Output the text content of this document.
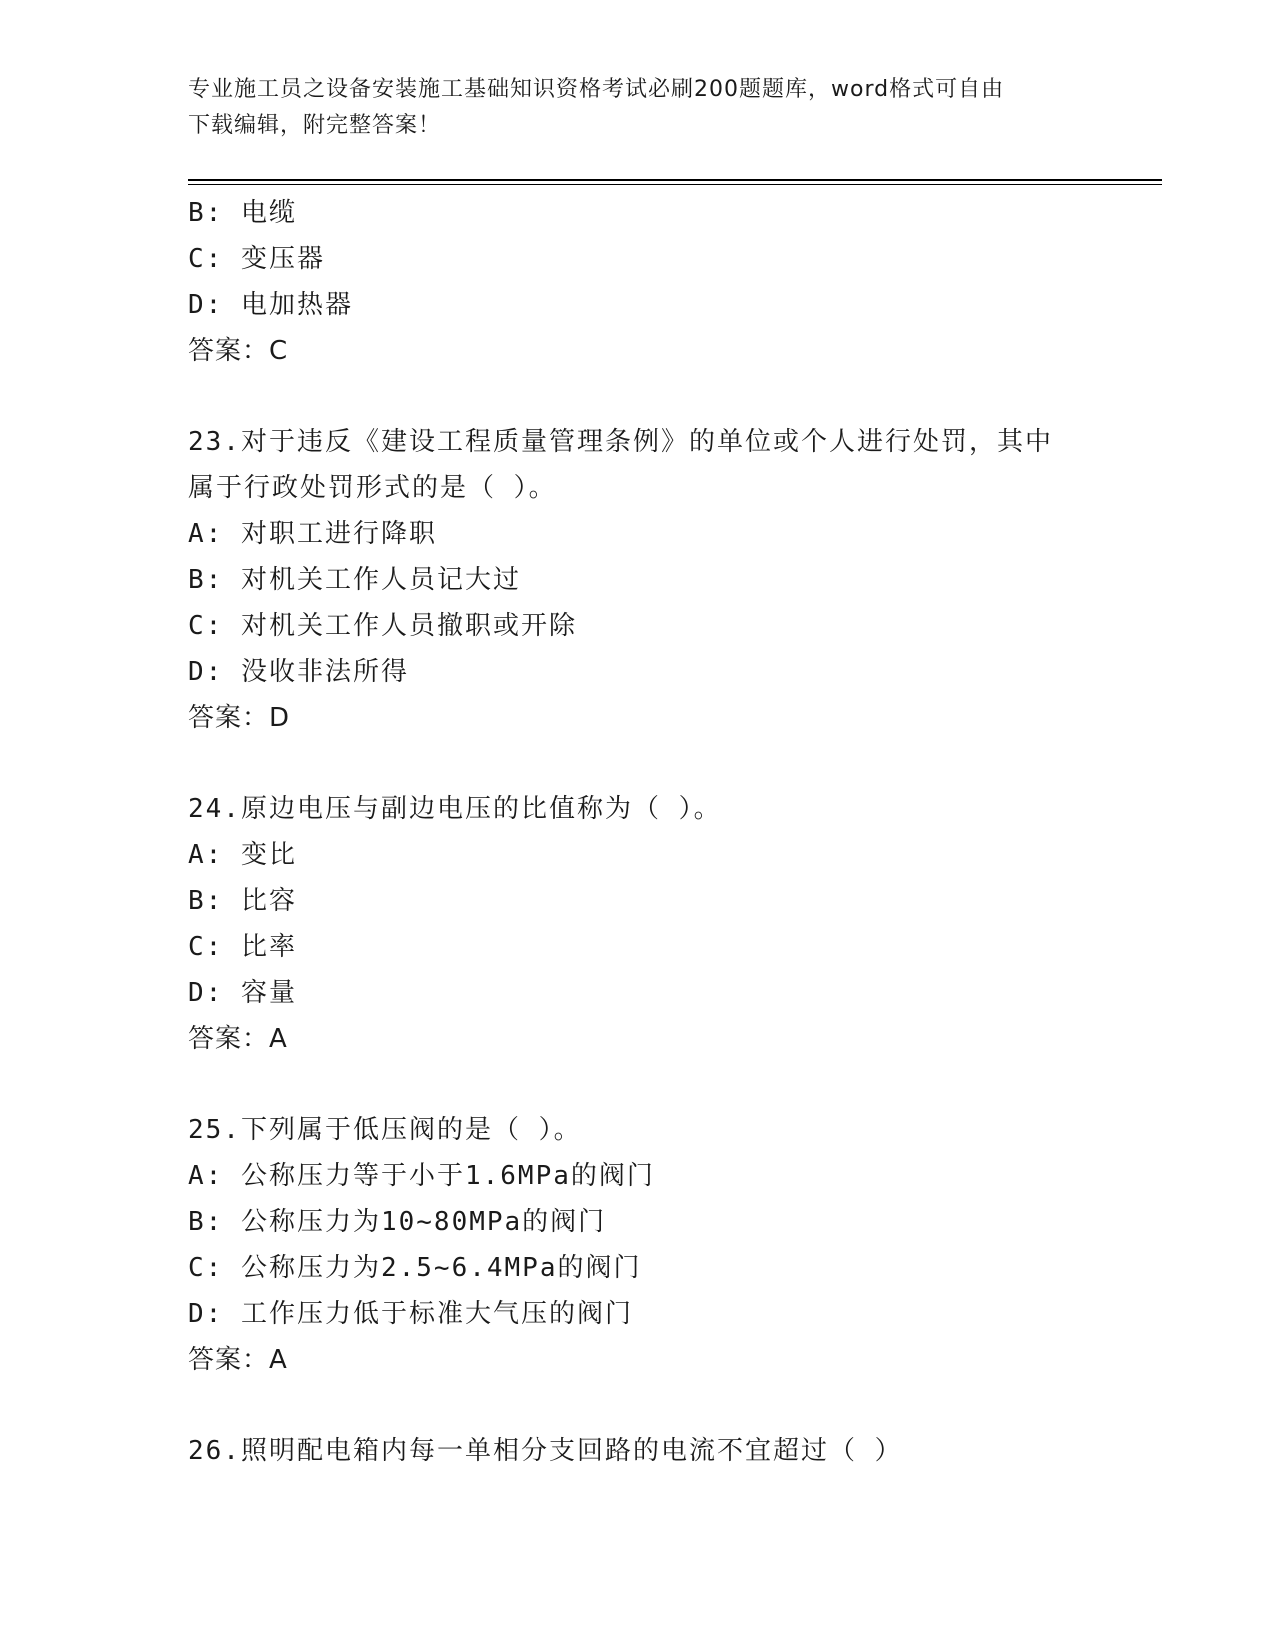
专业施工员之设备安装施工基础知识资格考试必刷200题题库，word格式可自由
下载编辑，附完整答案！
B: 电缆
C: 变压器
D: 电加热器
答案：C
23.对于违反《建设工程质量管理条例》的单位或个人进行处罚，其中
属于行政处罚形式的是（ ）。
A: 对职工进行降职
B: 对机关工作人员记大过
C: 对机关工作人员撤职或开除
D: 没收非法所得
答案：D
24.原边电压与副边电压的比值称为（ ）。
A: 变比
B: 比容
C: 比率
D: 容量
答案：A
25.下列属于低压阀的是（ ）。
A: 公称压力等于小于1.6MPa的阀门
B: 公称压力为10~80MPa的阀门
C: 公称压力为2.5~6.4MPa的阀门
D: 工作压力低于标准大气压的阀门
答案：A
26.照明配电箱内每一单相分支回路的电流不宜超过（ ）
